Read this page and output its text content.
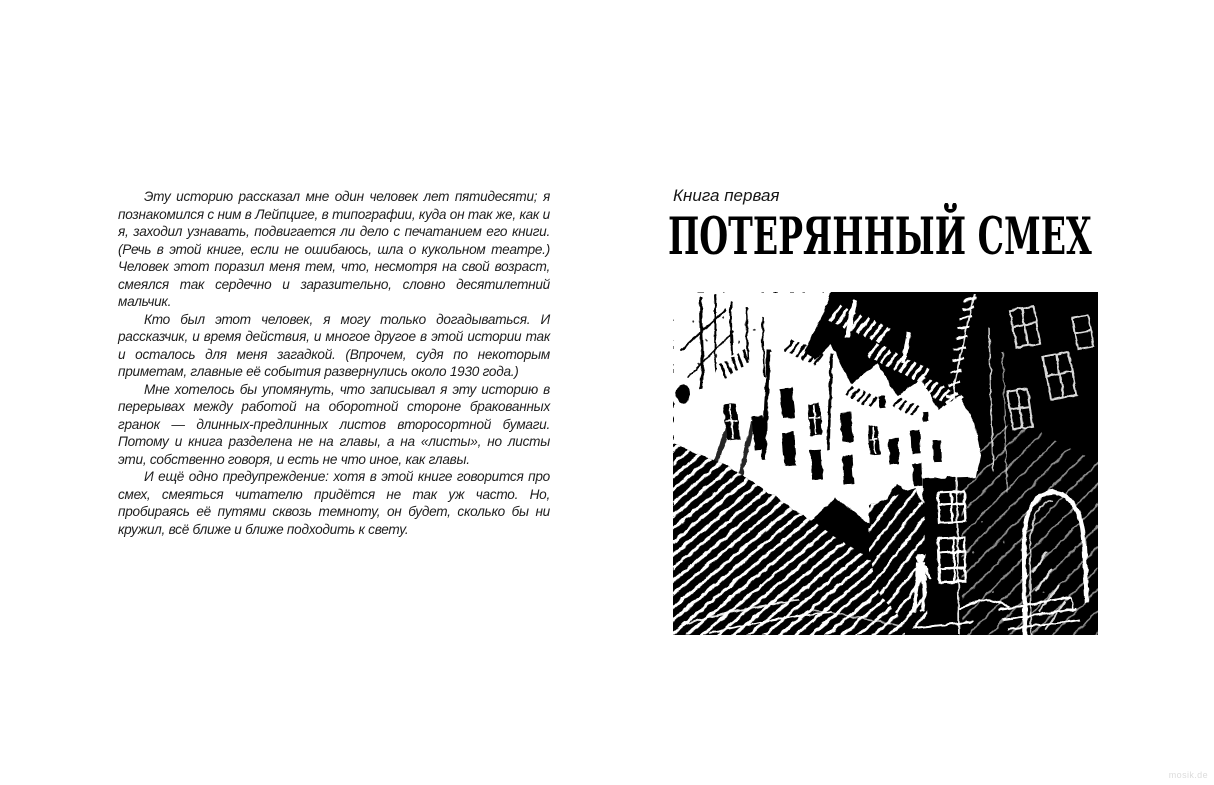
Эту историю рассказал мне один человек лет пятидесяти; я познакомился с ним в Лейпциге, в типографии, куда он так же, как и я, заходил узнавать, подвигается ли дело с печатанием его книги. (Речь в этой книге, если не ошибаюсь, шла о кукольном театре.) Человек этот поразил меня тем, что, несмотря на свой возраст, смеялся так сердечно и заразительно, словно десятилетний мальчик.

Кто был этот человек, я могу только догадываться. И рассказчик, и время действия, и многое другое в этой истории так и осталось для меня загадкой. (Впрочем, судя по некоторым приметам, главные её события развернулись около 1930 года.)

Мне хотелось бы упомянуть, что записывал я эту историю в перерывах между работой на оборотной стороне бракованных гранок — длинных-предлинных листов второсортной бумаги. Потому и книга разделена не на главы, а на «листы», но листы эти, собственно говоря, и есть не что иное, как главы.

И ещё одно предупреждение: хотя в этой книге говорится про смех, смеяться читателю придётся не так уж часто. Но, пробираясь её путями сквозь темноту, он будет, сколько бы ни кружил, всё ближе и ближе подходить к свету.

Книга первая
ПОТЕРЯННЫЙ СМЕХ
mosik.de
